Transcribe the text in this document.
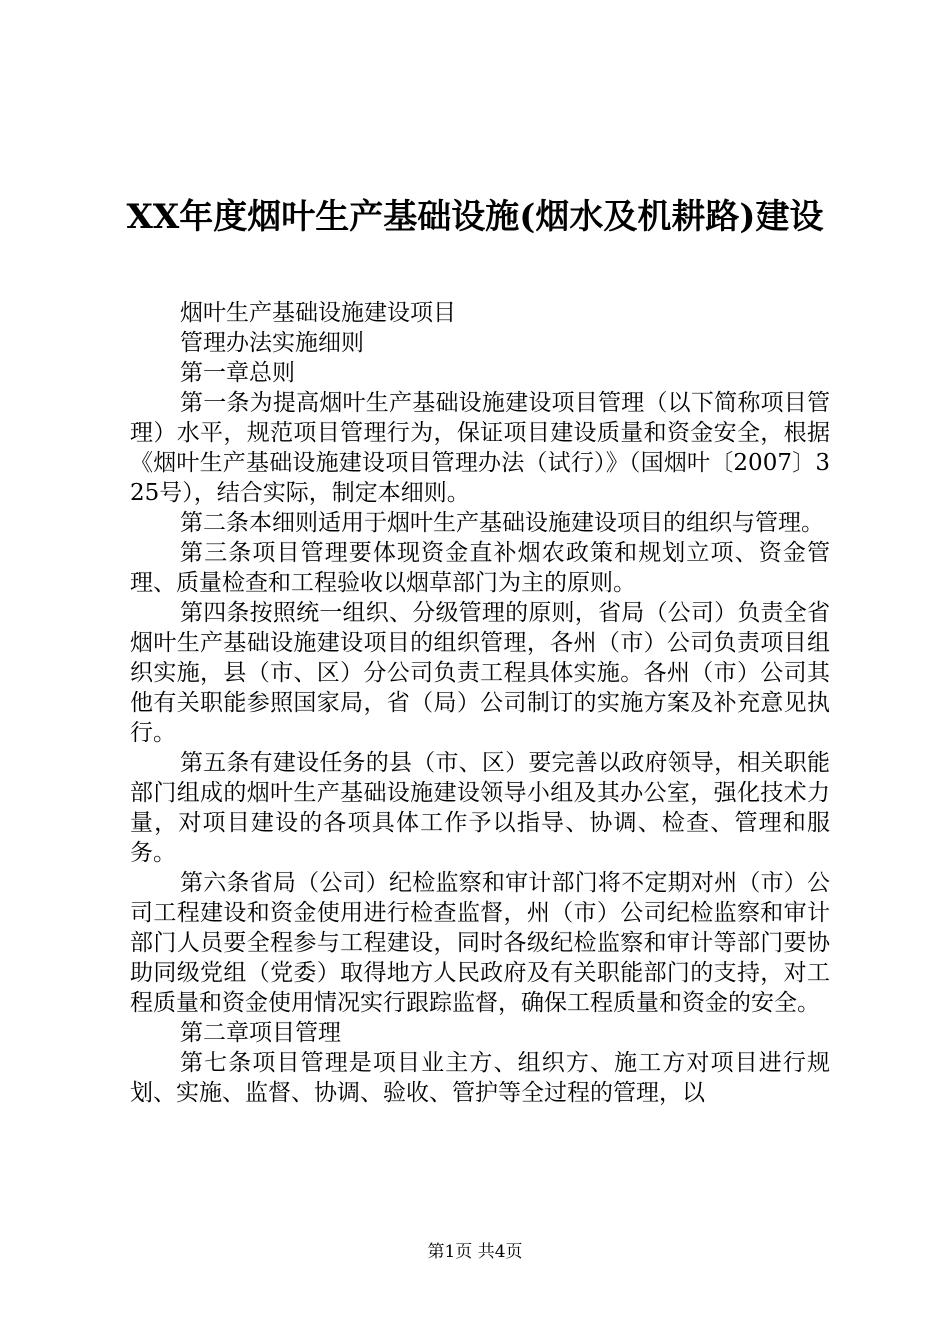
XX年度烟叶生产基础设施(烟水及机耕路)建设

烟叶生产基础设施建设项目

管理办法实施细则

第一章总则

第一条为提高烟叶生产基础设施建设项目管理（以下简称项目管理）水平，规范项目管理行为，保证项目建设质量和资金安全，根据《烟叶生产基础设施建设项目管理办法（试行）》（国烟叶〔2007〕325号），结合实际，制定本细则。

第二条本细则适用于烟叶生产基础设施建设项目的组织与管理。

第三条项目管理要体现资金直补烟农政策和规划立项、资金管理、质量检查和工程验收以烟草部门为主的原则。

第四条按照统一组织、分级管理的原则，省局（公司）负责全省烟叶生产基础设施建设项目的组织管理，各州（市）公司负责项目组织实施，县（市、区）分公司负责工程具体实施。各州（市）公司其他有关职能参照国家局，省（局）公司制订的实施方案及补充意见执行。

第五条有建设任务的县（市、区）要完善以政府领导，相关职能部门组成的烟叶生产基础设施建设领导小组及其办公室，强化技术力量，对项目建设的各项具体工作予以指导、协调、检查、管理和服务。

第六条省局（公司）纪检监察和审计部门将不定期对州（市）公司工程建设和资金使用进行检查监督，州（市）公司纪检监察和审计部门人员要全程参与工程建设，同时各级纪检监察和审计等部门要协助同级党组（党委）取得地方人民政府及有关职能部门的支持，对工程质量和资金使用情况实行跟踪监督，确保工程质量和资金的安全。

第二章项目管理

第七条项目管理是项目业主方、组织方、施工方对项目进行规划、实施、监督、协调、验收、管护等全过程的管理，以

第1页 共4页
